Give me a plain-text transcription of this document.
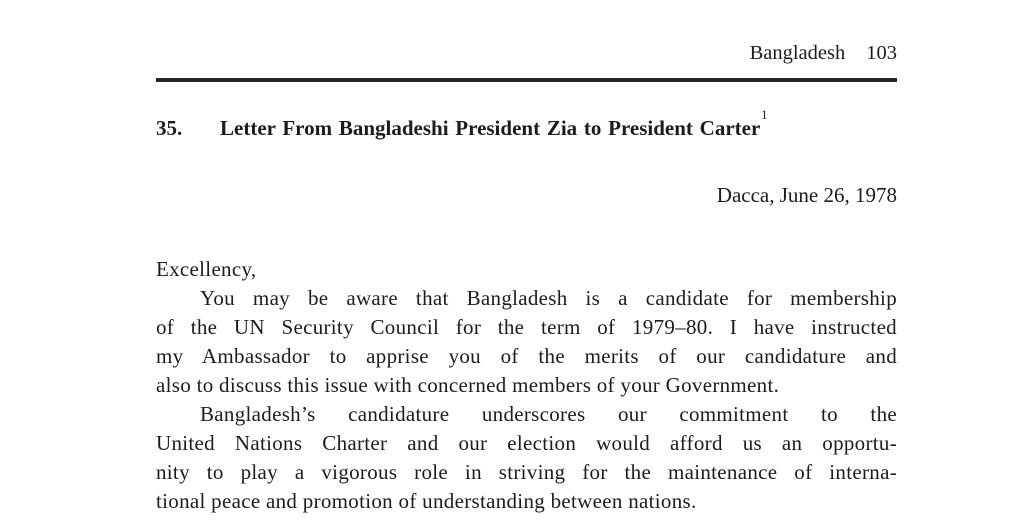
Bangladesh 103
35. Letter From Bangladeshi President Zia to President Carter$^1$
Dacca, June 26, 1978
Excellency,
You may be aware that Bangladesh is a candidate for membership
of the UN Security Council for the term of 1979–80. I have instructed
my Ambassador to apprise you of the merits of our candidature and
also to discuss this issue with concerned members of your Government.
Bangladesh’s candidature underscores our commitment to the
United Nations Charter and our election would afford us an opportu-
nity to play a vigorous role in striving for the maintenance of interna-
tional peace and promotion of understanding between nations.
